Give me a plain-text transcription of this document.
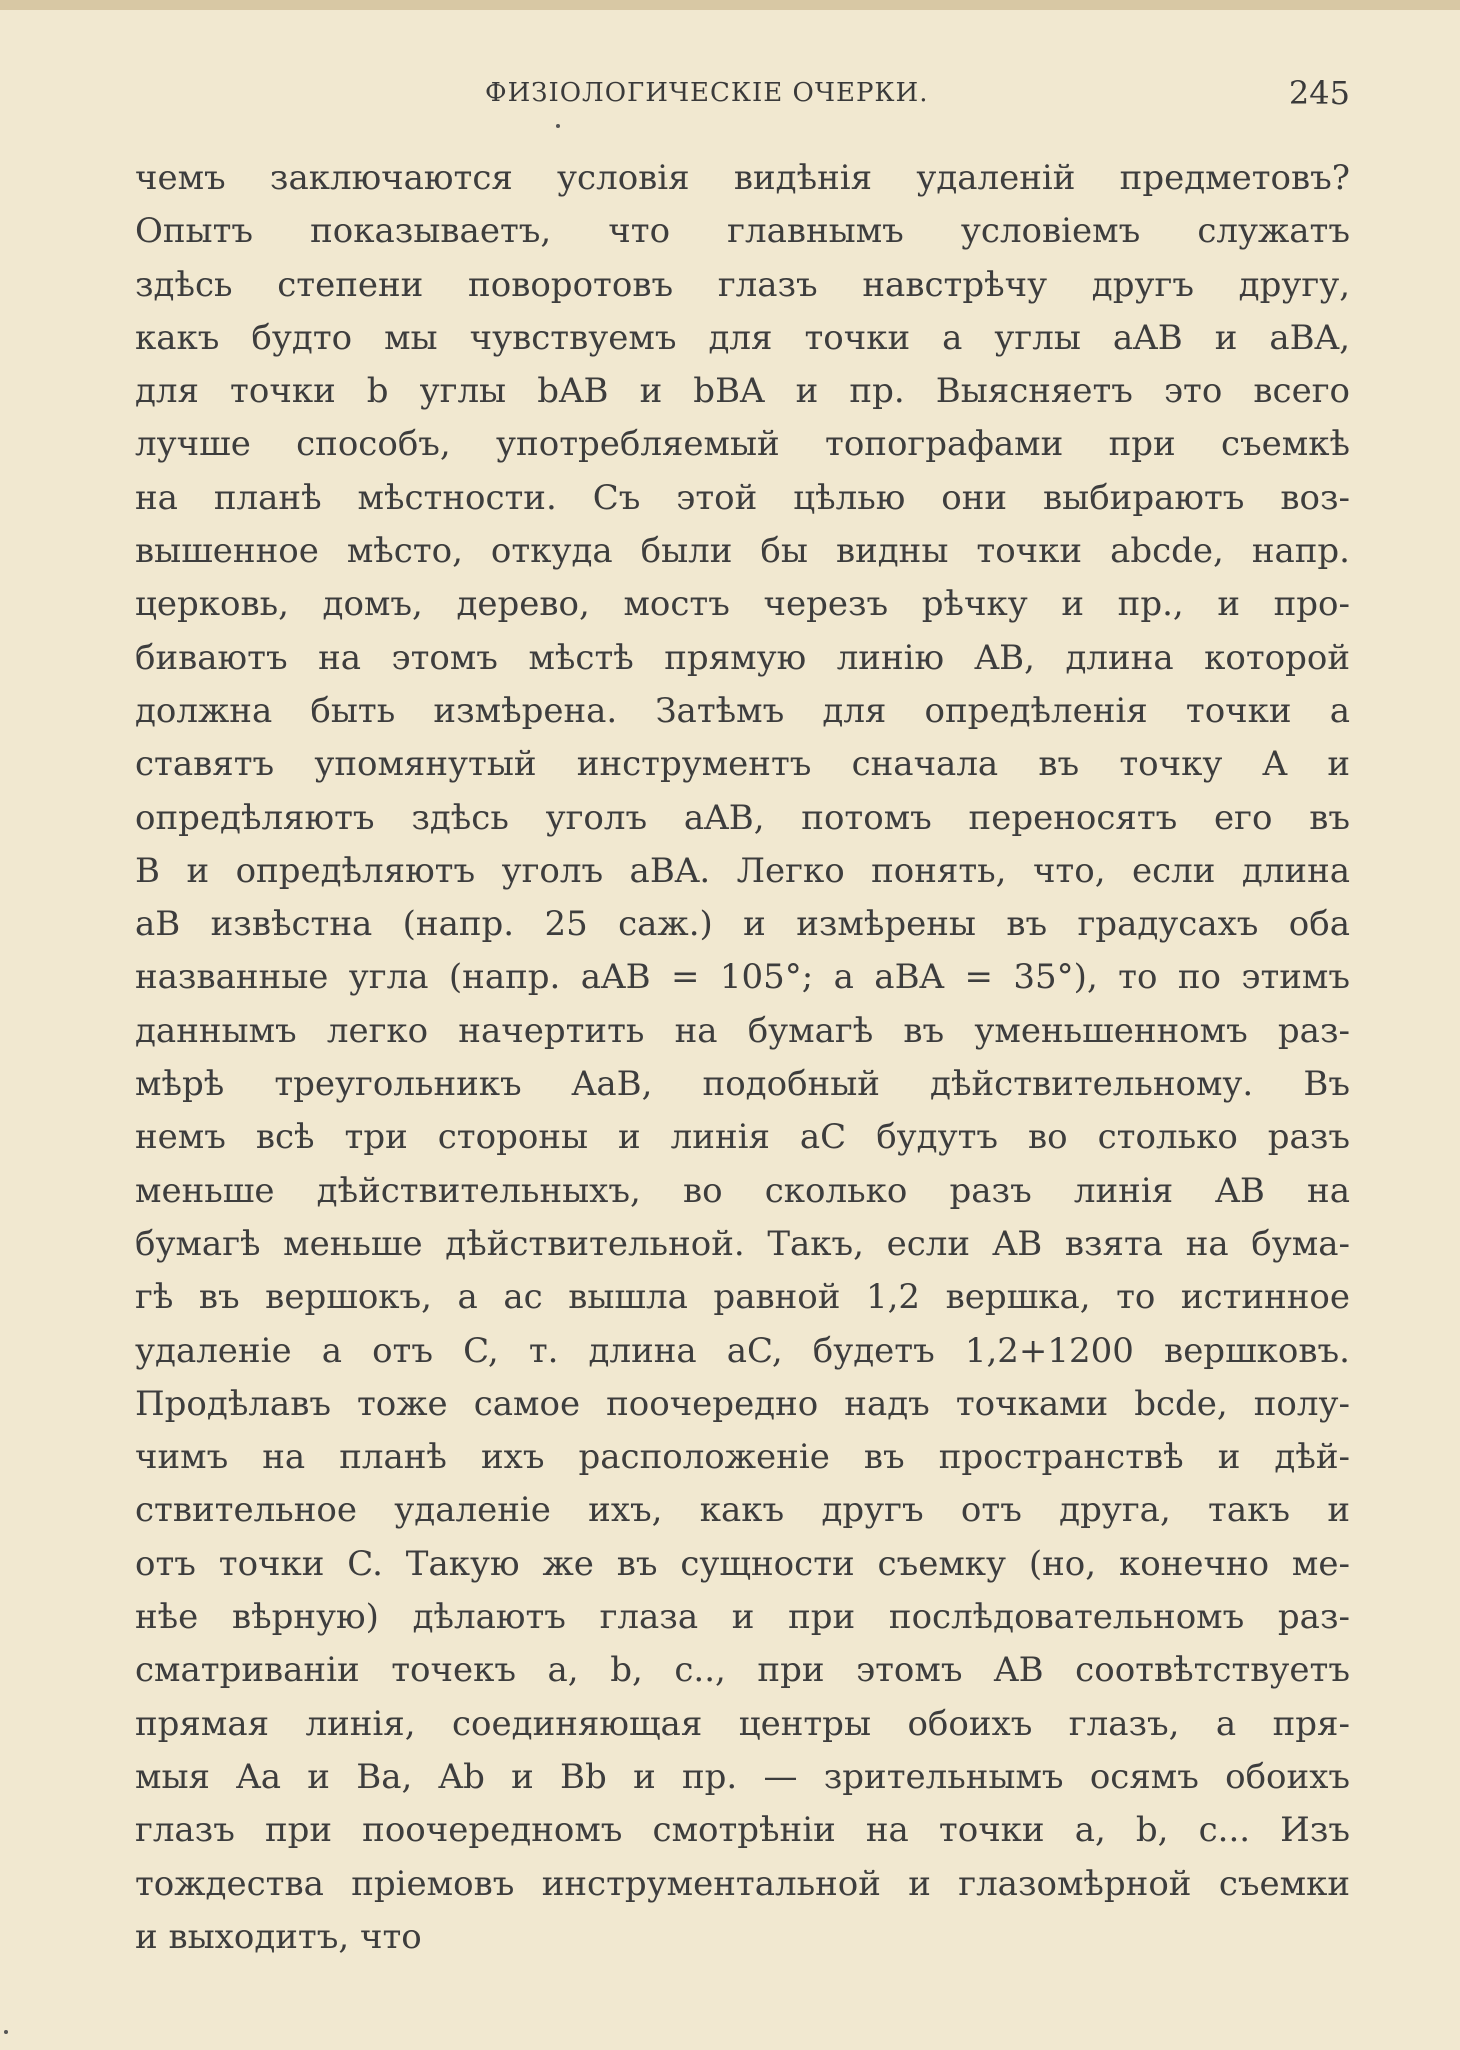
ФИЗІОЛОГИЧЕСКІЕ ОЧЕРКИ.	245
чемъ заключаются условія видѣнія удаленій предметовъ?
Опытъ показываетъ, что главнымъ условіемъ служатъ
здѣсь степени поворотовъ глазъ навстрѣчу другъ другу,
какъ будто мы чувствуемъ для точки a углы aAB и aBA,
для точки b углы bAB и bBA и пр. Выясняетъ это всего
лучше способъ, употребляемый топографами при съемкѣ
на планѣ мѣстности. Съ этой цѣлью они выбираютъ воз-
вышенное мѣсто, откуда были бы видны точки abcde, напр.
церковь, домъ, дерево, мостъ черезъ рѣчку и пр., и про-
биваютъ на этомъ мѣстѣ прямую линію AB, длина которой
должна быть измѣрена. Затѣмъ для опредѣленія точки a
ставятъ упомянутый инструментъ сначала въ точку A и
опредѣляютъ здѣсь уголъ aAB, потомъ переносятъ его въ
B и опредѣляютъ уголъ aBA. Легко понять, что, если длина
aB извѣстна (напр. 25 саж.) и измѣрены въ градусахъ оба
названные угла (напр. aAB = 105°; a aBA = 35°), то по этимъ
даннымъ легко начертить на бумагѣ въ уменьшенномъ раз-
мѣрѣ треугольникъ AaB, подобный дѣйствительному. Въ
немъ всѣ три стороны и линія aC будутъ во столько разъ
меньше дѣйствительныхъ, во сколько разъ линія AB на
бумагѣ меньше дѣйствительной. Такъ, если AB взята на бума-
гѣ въ вершокъ, а ac вышла равной 1,2 вершка, то истинное
удаленіе a отъ C, т. длина aC, будетъ 1,2+1200 вершковъ.
Продѣлавъ тоже самое поочередно надъ точками bcde, полу-
чимъ на планѣ ихъ расположеніе въ пространствѣ и дѣй-
ствительное удаленіе ихъ, какъ другъ отъ друга, такъ и
отъ точки C. Такую же въ сущности съемку (но, конечно ме-
нѣе вѣрную) дѣлаютъ глаза и при послѣдовательномъ раз-
сматриваніи точекъ a, b, c.., при этомъ AB соотвѣтствуетъ
прямая линія, соединяющая центры обоихъ глазъ, а пря-
мыя Aa и Ba, Ab и Bb и пр. — зрительнымъ осямъ обоихъ
глазъ при поочередномъ смотрѣніи на точки a, b, c... Изъ
тождества пріемовъ инструментальной и глазомѣрной съемки
и выходитъ, что
